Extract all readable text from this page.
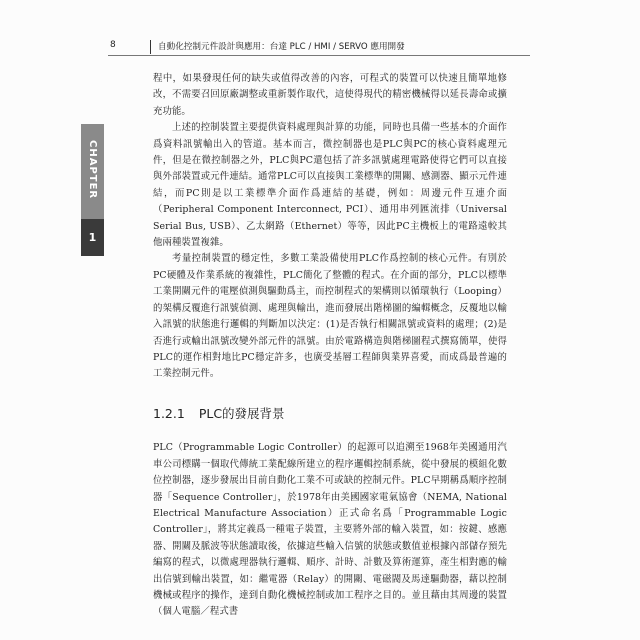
8	自動化控制元件設計與應用：台達 PLC / HMI / SERVO 應用開發
CHAPTER
1

程中，如果發現任何的缺失或值得改善的內容，可程式的裝置可以快速且簡單地修改，不需要召回原廠調整或重新製作取代，這使得現代的精密機械得以延長壽命或擴充功能。

上述的控制裝置主要提供資料處理與計算的功能，同時也具備一些基本的介面作爲資料訊號輸出入的管道。基本而言，微控制器也是PLC與PC的核心資料處理元件，但是在微控制器之外，PLC與PC還包括了許多訊號處理電路使得它們可以直接與外部裝置或元件連結。通常PLC可以直接與工業標準的開關、感測器、顯示元件連結，而PC則是以工業標準介面作爲連結的基礎，例如：周邊元件互連介面（Peripheral Component Interconnect, PCI）、通用串列匯流排（Universal Serial Bus, USB）、乙太網路（Ethernet）等等，因此PC主機板上的電路遠較其他兩種裝置複雜。

考量控制裝置的穩定性，多數工業設備使用PLC作爲控制的核心元件。有別於PC硬體及作業系統的複雜性，PLC簡化了整體的程式。在介面的部分，PLC以標準工業開關元件的電壓偵測與驅動爲主，而控制程式的架構則以循環執行（Looping）的架構反覆進行訊號偵測、處理與輸出，進而發展出階梯圖的編輯概念，反覆地以輸入訊號的狀態進行邏輯的判斷加以決定：(1)是否執行相關訊號或資料的處理；(2)是否進行或輸出訊號改變外部元件的訊號。由於電路構造與階梯圖程式撰寫簡單，使得PLC的運作相對地比PC穩定許多，也廣受基層工程師與業界喜愛，而成爲最普遍的工業控制元件。

1.2.1 PLC的發展背景

PLC（Programmable Logic Controller）的起源可以追溯至1968年美國通用汽車公司標購一個取代傳統工業配線所建立的程序邏輯控制系統，從中發展的模組化數位控制器，逐步發展出目前自動化工業不可或缺的控制元件。PLC早期稱爲順序控制器「Sequence Controller」，於1978年由美國國家電氣協會（NEMA, National Electrical Manufacture Association）正式命名爲「Programmable Logic Controller」，將其定義爲一種電子裝置，主要將外部的輸入裝置，如：按鍵、感應器、開關及脈波等狀態讀取後，依據這些輸入信號的狀態或數值並根據內部儲存預先編寫的程式，以微處理器執行邏輯、順序、計時、計數及算術運算，產生相對應的輸出信號到輸出裝置，如：繼電器（Relay）的開關、電磁閥及馬達驅動器，藉以控制機械或程序的操作，達到自動化機械控制或加工程序之目的。並且藉由其周邊的裝置（個人電腦／程式書
